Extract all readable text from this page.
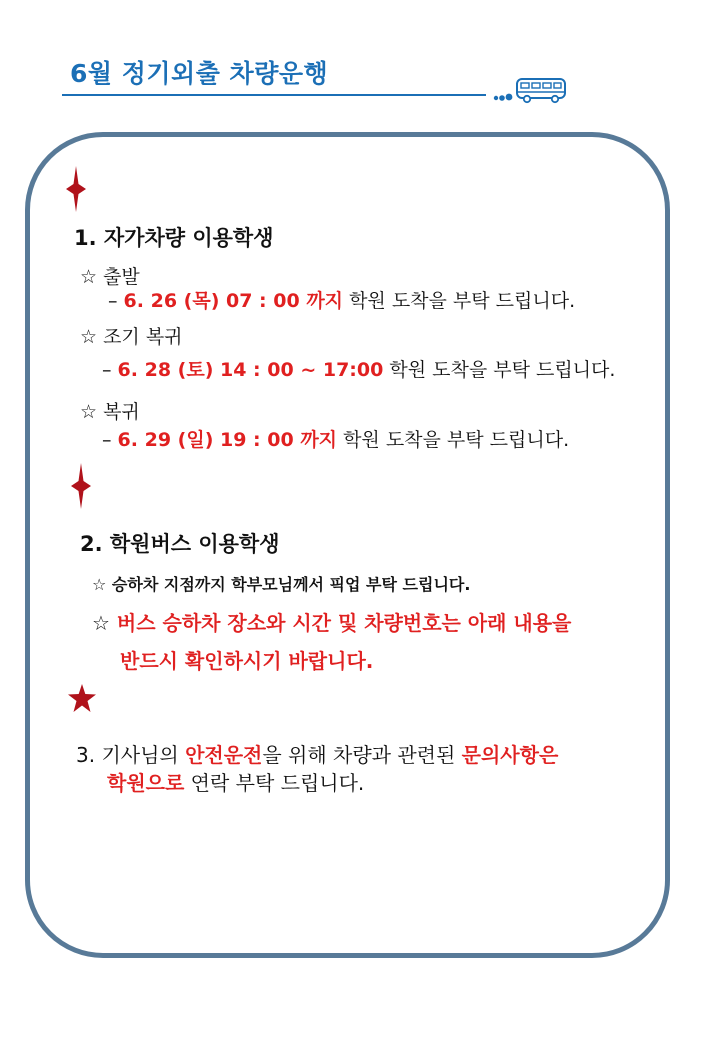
6월 정기외출 차량운행
1. 자가차량 이용학생
☆ 출발
– 6. 26 (목) 07 : 00 까지 학원 도착을 부탁 드립니다.
☆ 조기 복귀
– 6. 28 (토) 14 : 00 ~ 17:00 학원 도착을 부탁 드립니다.
☆ 복귀
– 6. 29 (일) 19 : 00 까지 학원 도착을 부탁 드립니다.
2. 학원버스 이용학생
☆ 승하차 지점까지 학부모님께서 픽업 부탁 드립니다.
☆ 버스 승하차 장소와 시간 및 차량번호는 아래 내용을
반드시 확인하시기 바랍니다.
3. 기사님의 안전운전을 위해 차량과 관련된 문의사항은
학원으로 연락 부탁 드립니다.
